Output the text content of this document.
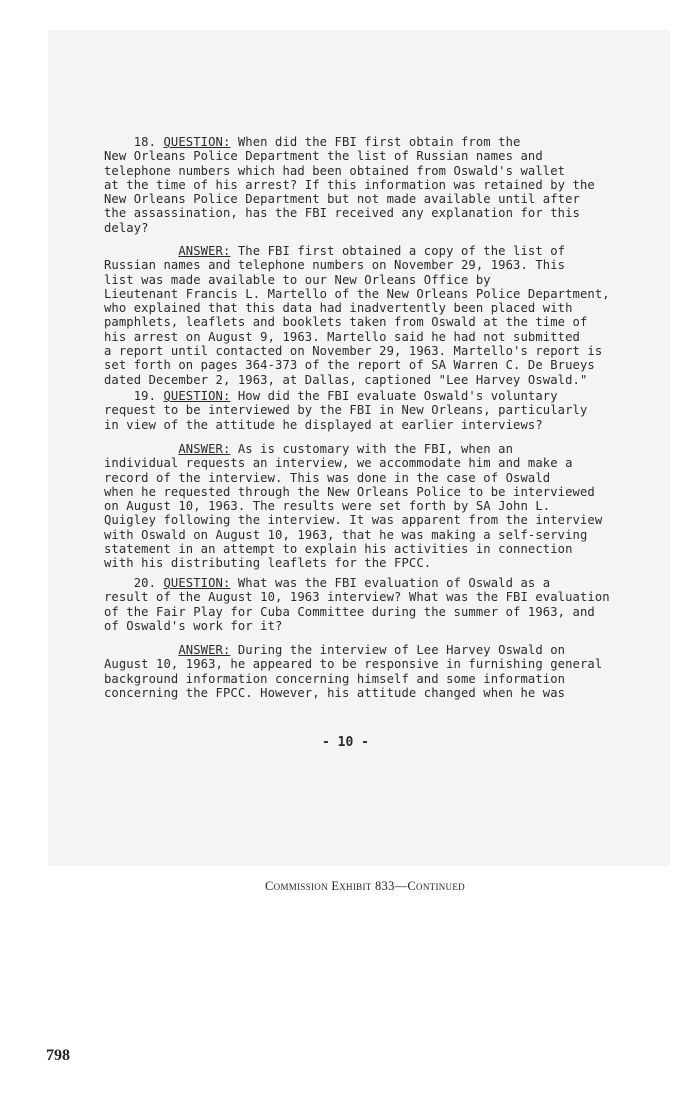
18. QUESTION: When did the FBI first obtain from the

New Orleans Police Department the list of Russian names and

telephone numbers which had been obtained from Oswald's wallet

at the time of his arrest? If this information was retained by the

New Orleans Police Department but not made available until after

the assassination, has the FBI received any explanation for this

delay?

ANSWER: The FBI first obtained a copy of the list of

Russian names and telephone numbers on November 29, 1963. This

list was made available to our New Orleans Office by

Lieutenant Francis L. Martello of the New Orleans Police Department,

who explained that this data had inadvertently been placed with

pamphlets, leaflets and booklets taken from Oswald at the time of

his arrest on August 9, 1963. Martello said he had not submitted

a report until contacted on November 29, 1963. Martello's report is

set forth on pages 364-373 of the report of SA Warren C. De Brueys

dated December 2, 1963, at Dallas, captioned "Lee Harvey Oswald."

19. QUESTION: How did the FBI evaluate Oswald's voluntary

request to be interviewed by the FBI in New Orleans, particularly

in view of the attitude he displayed at earlier interviews?

ANSWER: As is customary with the FBI, when an

individual requests an interview, we accommodate him and make a

record of the interview. This was done in the case of Oswald

when he requested through the New Orleans Police to be interviewed

on August 10, 1963. The results were set forth by SA John L.

Quigley following the interview. It was apparent from the interview

with Oswald on August 10, 1963, that he was making a self-serving

statement in an attempt to explain his activities in connection

with his distributing leaflets for the FPCC.

20. QUESTION: What was the FBI evaluation of Oswald as a

result of the August 10, 1963 interview? What was the FBI evaluation

of the Fair Play for Cuba Committee during the summer of 1963, and

of Oswald's work for it?

ANSWER: During the interview of Lee Harvey Oswald on

August 10, 1963, he appeared to be responsive in furnishing general

background information concerning himself and some information

concerning the FPCC. However, his attitude changed when he was

- 10 -
Commission Exhibit 833—Continued
798
